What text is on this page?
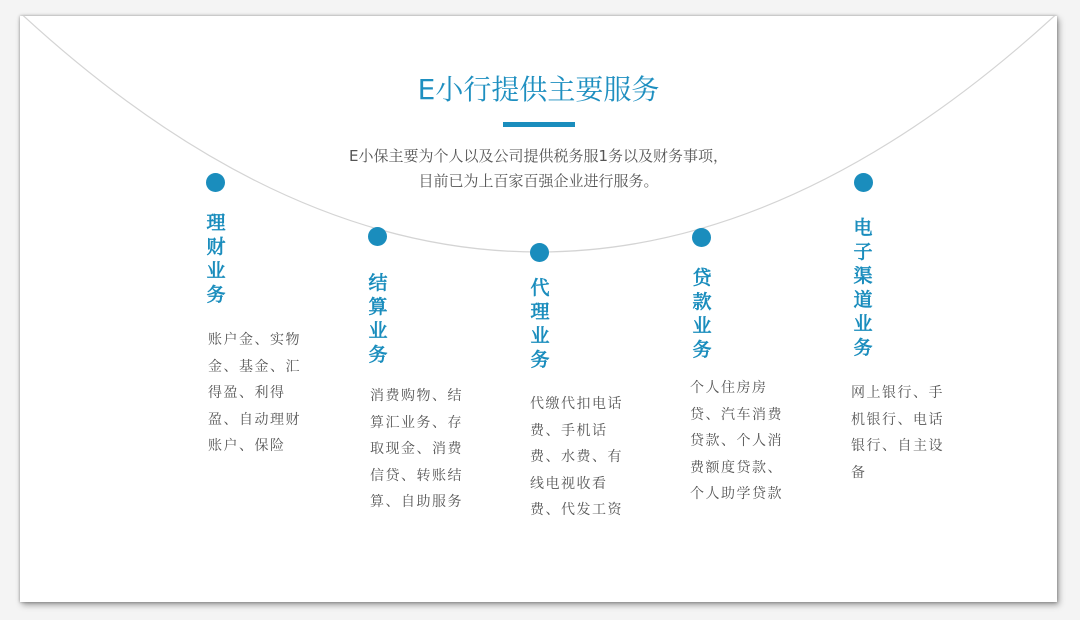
E小行提供主要服务
E小保主要为个人以及公司提供税务服1务以及财务事项，
目前已为上百家百强企业进行服务。
理财业务
账户金、实物金、基金、汇得盈、利得盈、自动理财账户、保险
结算业务
消费购物、结算汇业务、存取现金、消费信贷、转账结算、自助服务
代理业务
代缴代扣电话费、手机话费、水费、有线电视收看费、代发工资
贷款业务
个人住房房贷、汽车消费贷款、个人消费额度贷款、个人助学贷款
电子渠道业务
网上银行、手机银行、电话银行、自主设备
